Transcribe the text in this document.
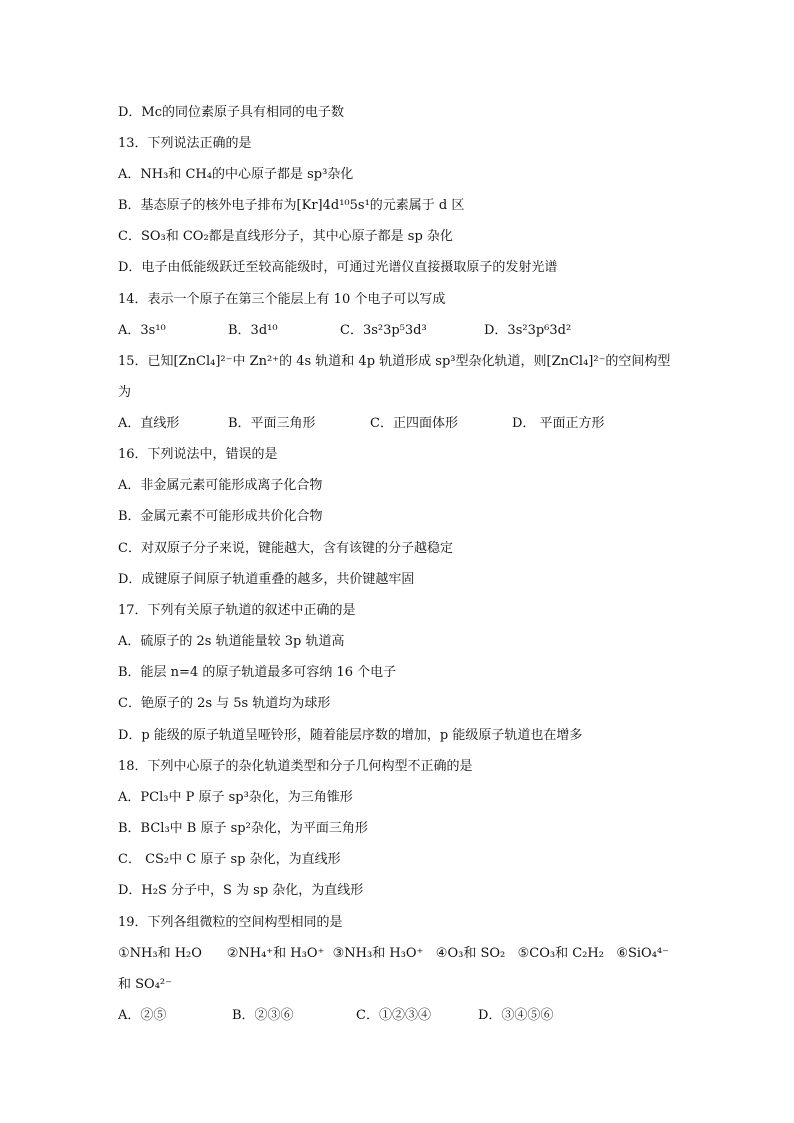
D．Mc的同位素原子具有相同的电子数
13．下列说法正确的是
A．NH₃和 CH₄的中心原子都是 sp³杂化
B．基态原子的核外电子排布为[Kr]4d¹⁰5s¹的元素属于 d 区
C．SO₃和 CO₂都是直线形分子，其中心原子都是 sp 杂化
D．电子由低能级跃迁至较高能级时，可通过光谱仪直接摄取原子的发射光谱
14．表示一个原子在第三个能层上有 10 个电子可以写成
A．3s¹⁰	B．3d¹⁰	C．3s²3p⁵3d³	D．3s²3p⁶3d²
15．已知[ZnCl₄]²⁻中 Zn²⁺的 4s 轨道和 4p 轨道形成 sp³型杂化轨道，则[ZnCl₄]²⁻的空间构型
为
A．直线形	B．平面三角形	C．正四面体形	D． 平面正方形
16．下列说法中，错误的是
A．非金属元素可能形成离子化合物
B．金属元素不可能形成共价化合物
C．对双原子分子来说，键能越大，含有该键的分子越稳定
D．成键原子间原子轨道重叠的越多，共价键越牢固
17．下列有关原子轨道的叙述中正确的是
A．硫原子的 2s 轨道能量较 3p 轨道高
B．能层 n=4 的原子轨道最多可容纳 16 个电子
C．铯原子的 2s 与 5s 轨道均为球形
D．p 能级的原子轨道呈哑铃形，随着能层序数的增加，p 能级原子轨道也在增多
18．下列中心原子的杂化轨道类型和分子几何构型不正确的是
A．PCl₃中 P 原子 sp³杂化，为三角锥形
B．BCl₃中 B 原子 sp²杂化，为平面三角形
C． CS₂中 C 原子 sp 杂化，为直线形
D．H₂S 分子中，S 为 sp 杂化，为直线形
19．下列各组微粒的空间构型相同的是
①NH₃和 H₂O      ②NH₄⁺和 H₃O⁺  ③NH₃和 H₃O⁺   ④O₃和 SO₂   ⑤CO₃和 C₂H₂   ⑥SiO₄⁴⁻
和 SO₄²⁻
A．②⑤	B．②③⑥	C．①②③④	D．③④⑤⑥
